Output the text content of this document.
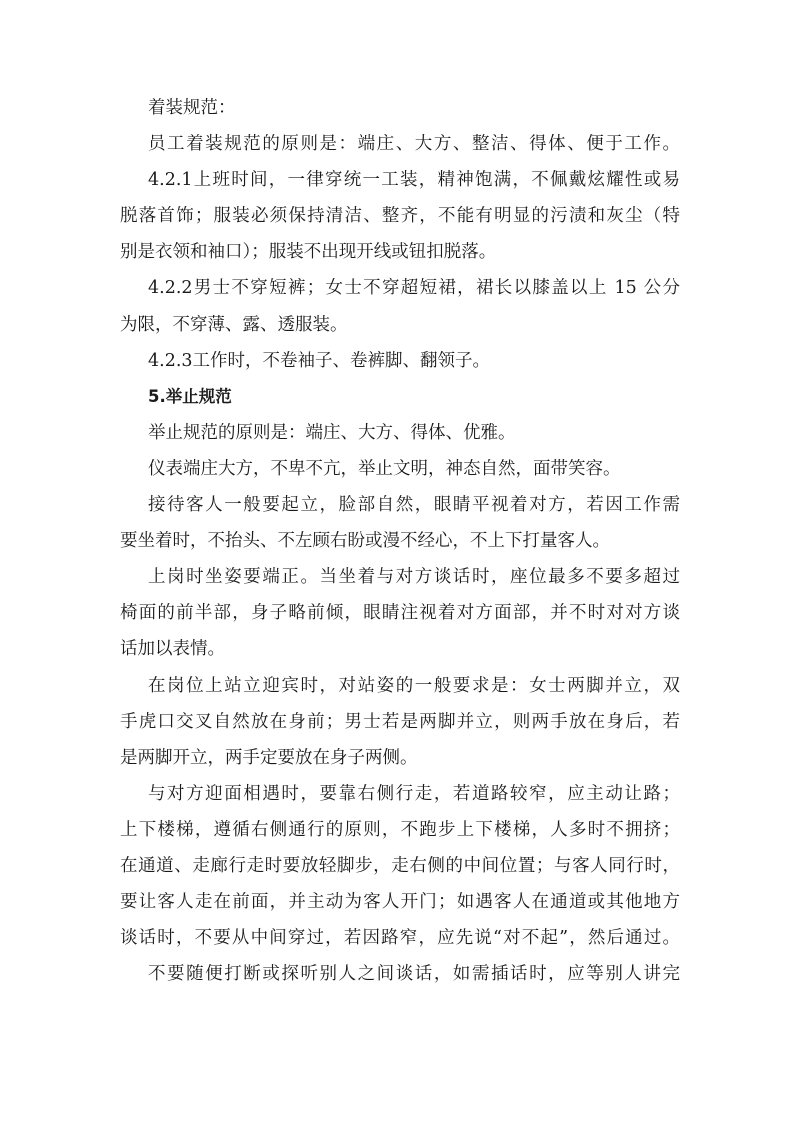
着装规范：
员工着装规范的原则是：端庄、大方、整洁、得体、便于工作。
4.2.1上班时间，一律穿统一工装，精神饱满，不佩戴炫耀性或易
脱落首饰；服装必须保持清洁、整齐，不能有明显的污渍和灰尘（特
别是衣领和袖口）；服装不出现开线或钮扣脱落。
4.2.2男士不穿短裤；女士不穿超短裙，裙长以膝盖以上 15 公分
为限，不穿薄、露、透服装。
4.2.3工作时，不卷袖子、卷裤脚、翻领子。
5.举止规范
举止规范的原则是：端庄、大方、得体、优雅。
仪表端庄大方，不卑不亢，举止文明，神态自然，面带笑容。
接待客人一般要起立，脸部自然，眼睛平视着对方，若因工作需
要坐着时，不抬头、不左顾右盼或漫不经心，不上下打量客人。
上岗时坐姿要端正。当坐着与对方谈话时，座位最多不要多超过
椅面的前半部，身子略前倾，眼睛注视着对方面部，并不时对对方谈
话加以表情。
在岗位上站立迎宾时，对站姿的一般要求是：女士两脚并立，双
手虎口交叉自然放在身前；男士若是两脚并立，则两手放在身后，若
是两脚开立，两手定要放在身子两侧。
与对方迎面相遇时，要靠右侧行走，若道路较窄，应主动让路；
上下楼梯，遵循右侧通行的原则，不跑步上下楼梯，人多时不拥挤；
在通道、走廊行走时要放轻脚步，走右侧的中间位置；与客人同行时，
要让客人走在前面，并主动为客人开门；如遇客人在通道或其他地方
谈话时，不要从中间穿过，若因路窄，应先说“对不起”，然后通过。
不要随便打断或探听别人之间谈话，如需插话时，应等别人讲完
